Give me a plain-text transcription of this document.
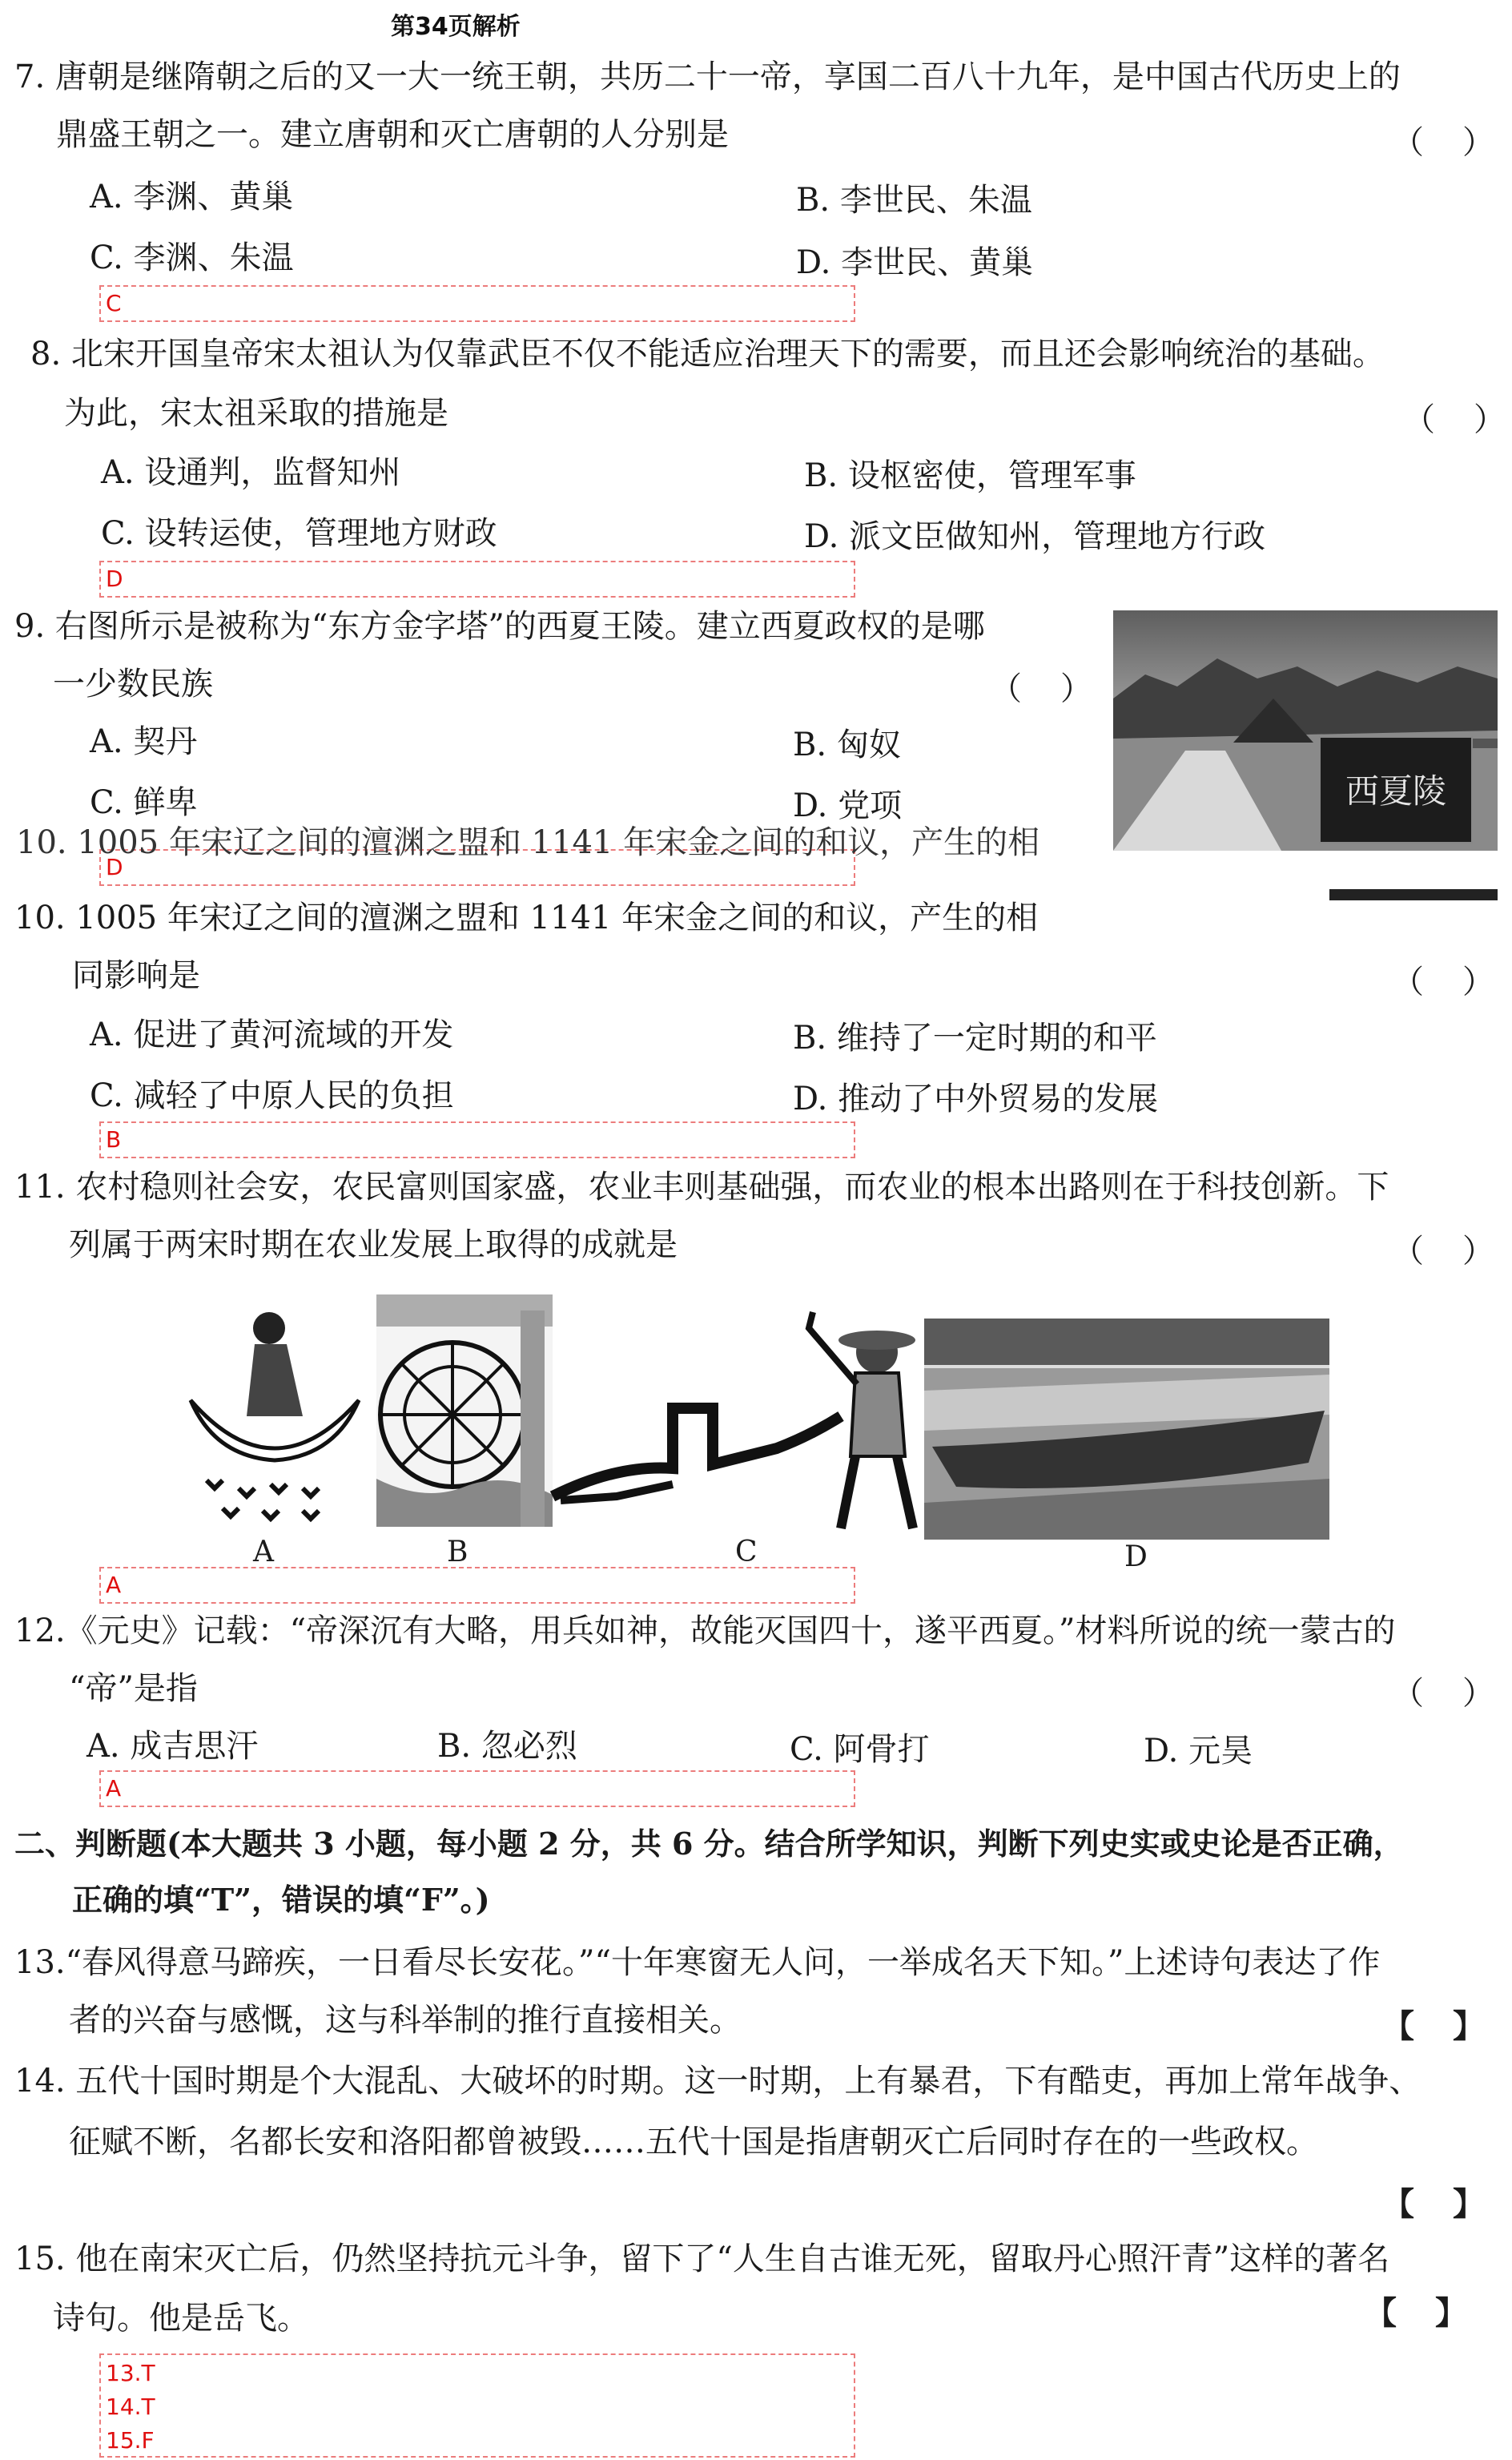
第34页解析
7. 唐朝是继隋朝之后的又一大一统王朝，共历二十一帝，享国二百八十九年，是中国古代历史上的
鼎盛王朝之一。建立唐朝和灭亡唐朝的人分别是	（　）
A. 李渊、黄巢	B. 李世民、朱温
C. 李渊、朱温	D. 李世民、黄巢
C
8. 北宋开国皇帝宋太祖认为仅靠武臣不仅不能适应治理天下的需要，而且还会影响统治的基础。
为此，宋太祖采取的措施是	（　）
A. 设通判，监督知州	B. 设枢密使，管理军事
C. 设转运使，管理地方财政	D. 派文臣做知州，管理地方行政
D
9. 右图所示是被称为“东方金字塔”的西夏王陵。建立西夏政权的是哪
一少数民族	（　）
A. 契丹	B. 匈奴
C. 鲜卑	D. 党项	西夏陵
D
10. 1005 年宋辽之间的澶渊之盟和 1141 年宋金之间的和议，产生的相
10. 1005 年宋辽之间的澶渊之盟和 1141 年宋金之间的和议，产生的相
同影响是	（　）
A. 促进了黄河流域的开发	B. 维持了一定时期的和平
C. 减轻了中原人民的负担	D. 推动了中外贸易的发展
B
11. 农村稳则社会安，农民富则国家盛，农业丰则基础强，而农业的根本出路则在于科技创新。下
列属于两宋时期在农业发展上取得的成就是	（　）
A	B	C	D
A
12.《元史》记载：“帝深沉有大略，用兵如神，故能灭国四十，遂平西夏。”材料所说的统一蒙古的
“帝”是指	（　）
A. 成吉思汗	B. 忽必烈	C. 阿骨打	D. 元昊
A
二、判断题(本大题共 3 小题，每小题 2 分，共 6 分。结合所学知识，判断下列史实或史论是否正确，
正确的填“T”，错误的填“F”。)
13.“春风得意马蹄疾，一日看尽长安花。”“十年寒窗无人问，一举成名天下知。”上述诗句表达了作
者的兴奋与感慨，这与科举制的推行直接相关。	【　】
14. 五代十国时期是个大混乱、大破坏的时期。这一时期，上有暴君，下有酷吏，再加上常年战争、
征赋不断，名都长安和洛阳都曾被毁……五代十国是指唐朝灭亡后同时存在的一些政权。
【　】
15. 他在南宋灭亡后，仍然坚持抗元斗争，留下了“人生自古谁无死，留取丹心照汗青”这样的著名
诗句。他是岳飞。	【　】
13.T
14.T
15.F
